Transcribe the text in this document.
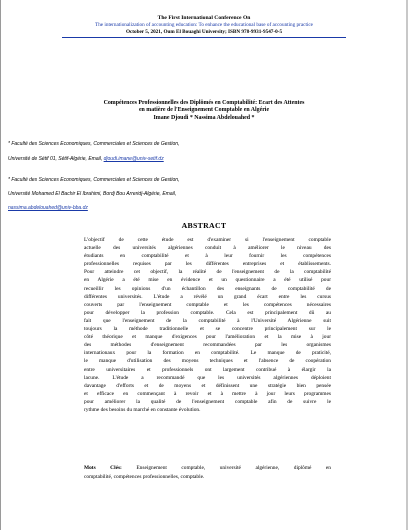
The First International Conference On
The internationalization of accounting education: To enhance the educational base of accounting practice
October 5, 2021, Oum El Bouaghi University; ISBN 978-9931-9547-0-5
Compétences Professionnelles des Diplômés en Comptabilité: Ecart des Attentes
en matière de l'Enseignement Comptable en Algérie
Imane Djoudi * Nassima Abdelouahed *
* Faculté des Sciences Economiques, Commerciales et Sciences de Gestion,
Université de Sétif 01, Sétif-Algérie, Email, djoudi.imane@univ-setif.dz
* Faculté des Sciences Economiques, Commerciales et Sciences de Gestion,
Université Mohamed El Bachir El Ibrahimi, Bordj Bou Arreridj-Algérie, Email,
nassima.abdelouahed@univ-bba.dz
ABSTRACT
L'objectif de cette étude est d'examiner si l'enseignement comptable
actuelle des universités algériennes conduit à améliorer le niveau des
étudiants en comptabilité et à leur fournir les compétences
professionnelles requises par les différentes entreprises et établissements.
Pour atteindre cet objectif, la réalité de l'enseignement de la comptabilité
en Algérie a été mise en évidence et un questionnaire a été utilisé pour
recueillir les opinions d'un échantillon des enseignants de comptabilité de
différentes universités. L'étude a révélé un grand écart entre les cursus
couverts par l'enseignement comptable et les compétences nécessaires
pour développer la profession comptable. Cela est principalement dû au
fait que l'enseignement de la comptabilité à l'Université Algérienne suit
toujours la méthode traditionnelle et se concentre principalement sur le
côté théorique et manque d'exigences pour l'amélioration et la mise à jour
des méthodes d'enseignement recommandées par les organismes
internationaux pour la formation en comptabilité. Le manque de praticité,
le manque d'utilisation des moyens techniques et l'absence de coopération
entre universitaires et professionnels ont largement contribué à élargir la
lacune. L'étude a recommandé que les universités algériennes déploient
davantage d'efforts et de moyens et définissent une stratégie bien pensée
et efficace en commençant à revoir et à mettre à jour leurs programmes
pour améliorer la qualité de l'enseignement comptable afin de suivre le
rythme des besoins du marché en constante évolution.
Mots Clés: Enseignement comptable, université algérienne, diplômé en
comptabilité, compétences professionnelles, comptable.
